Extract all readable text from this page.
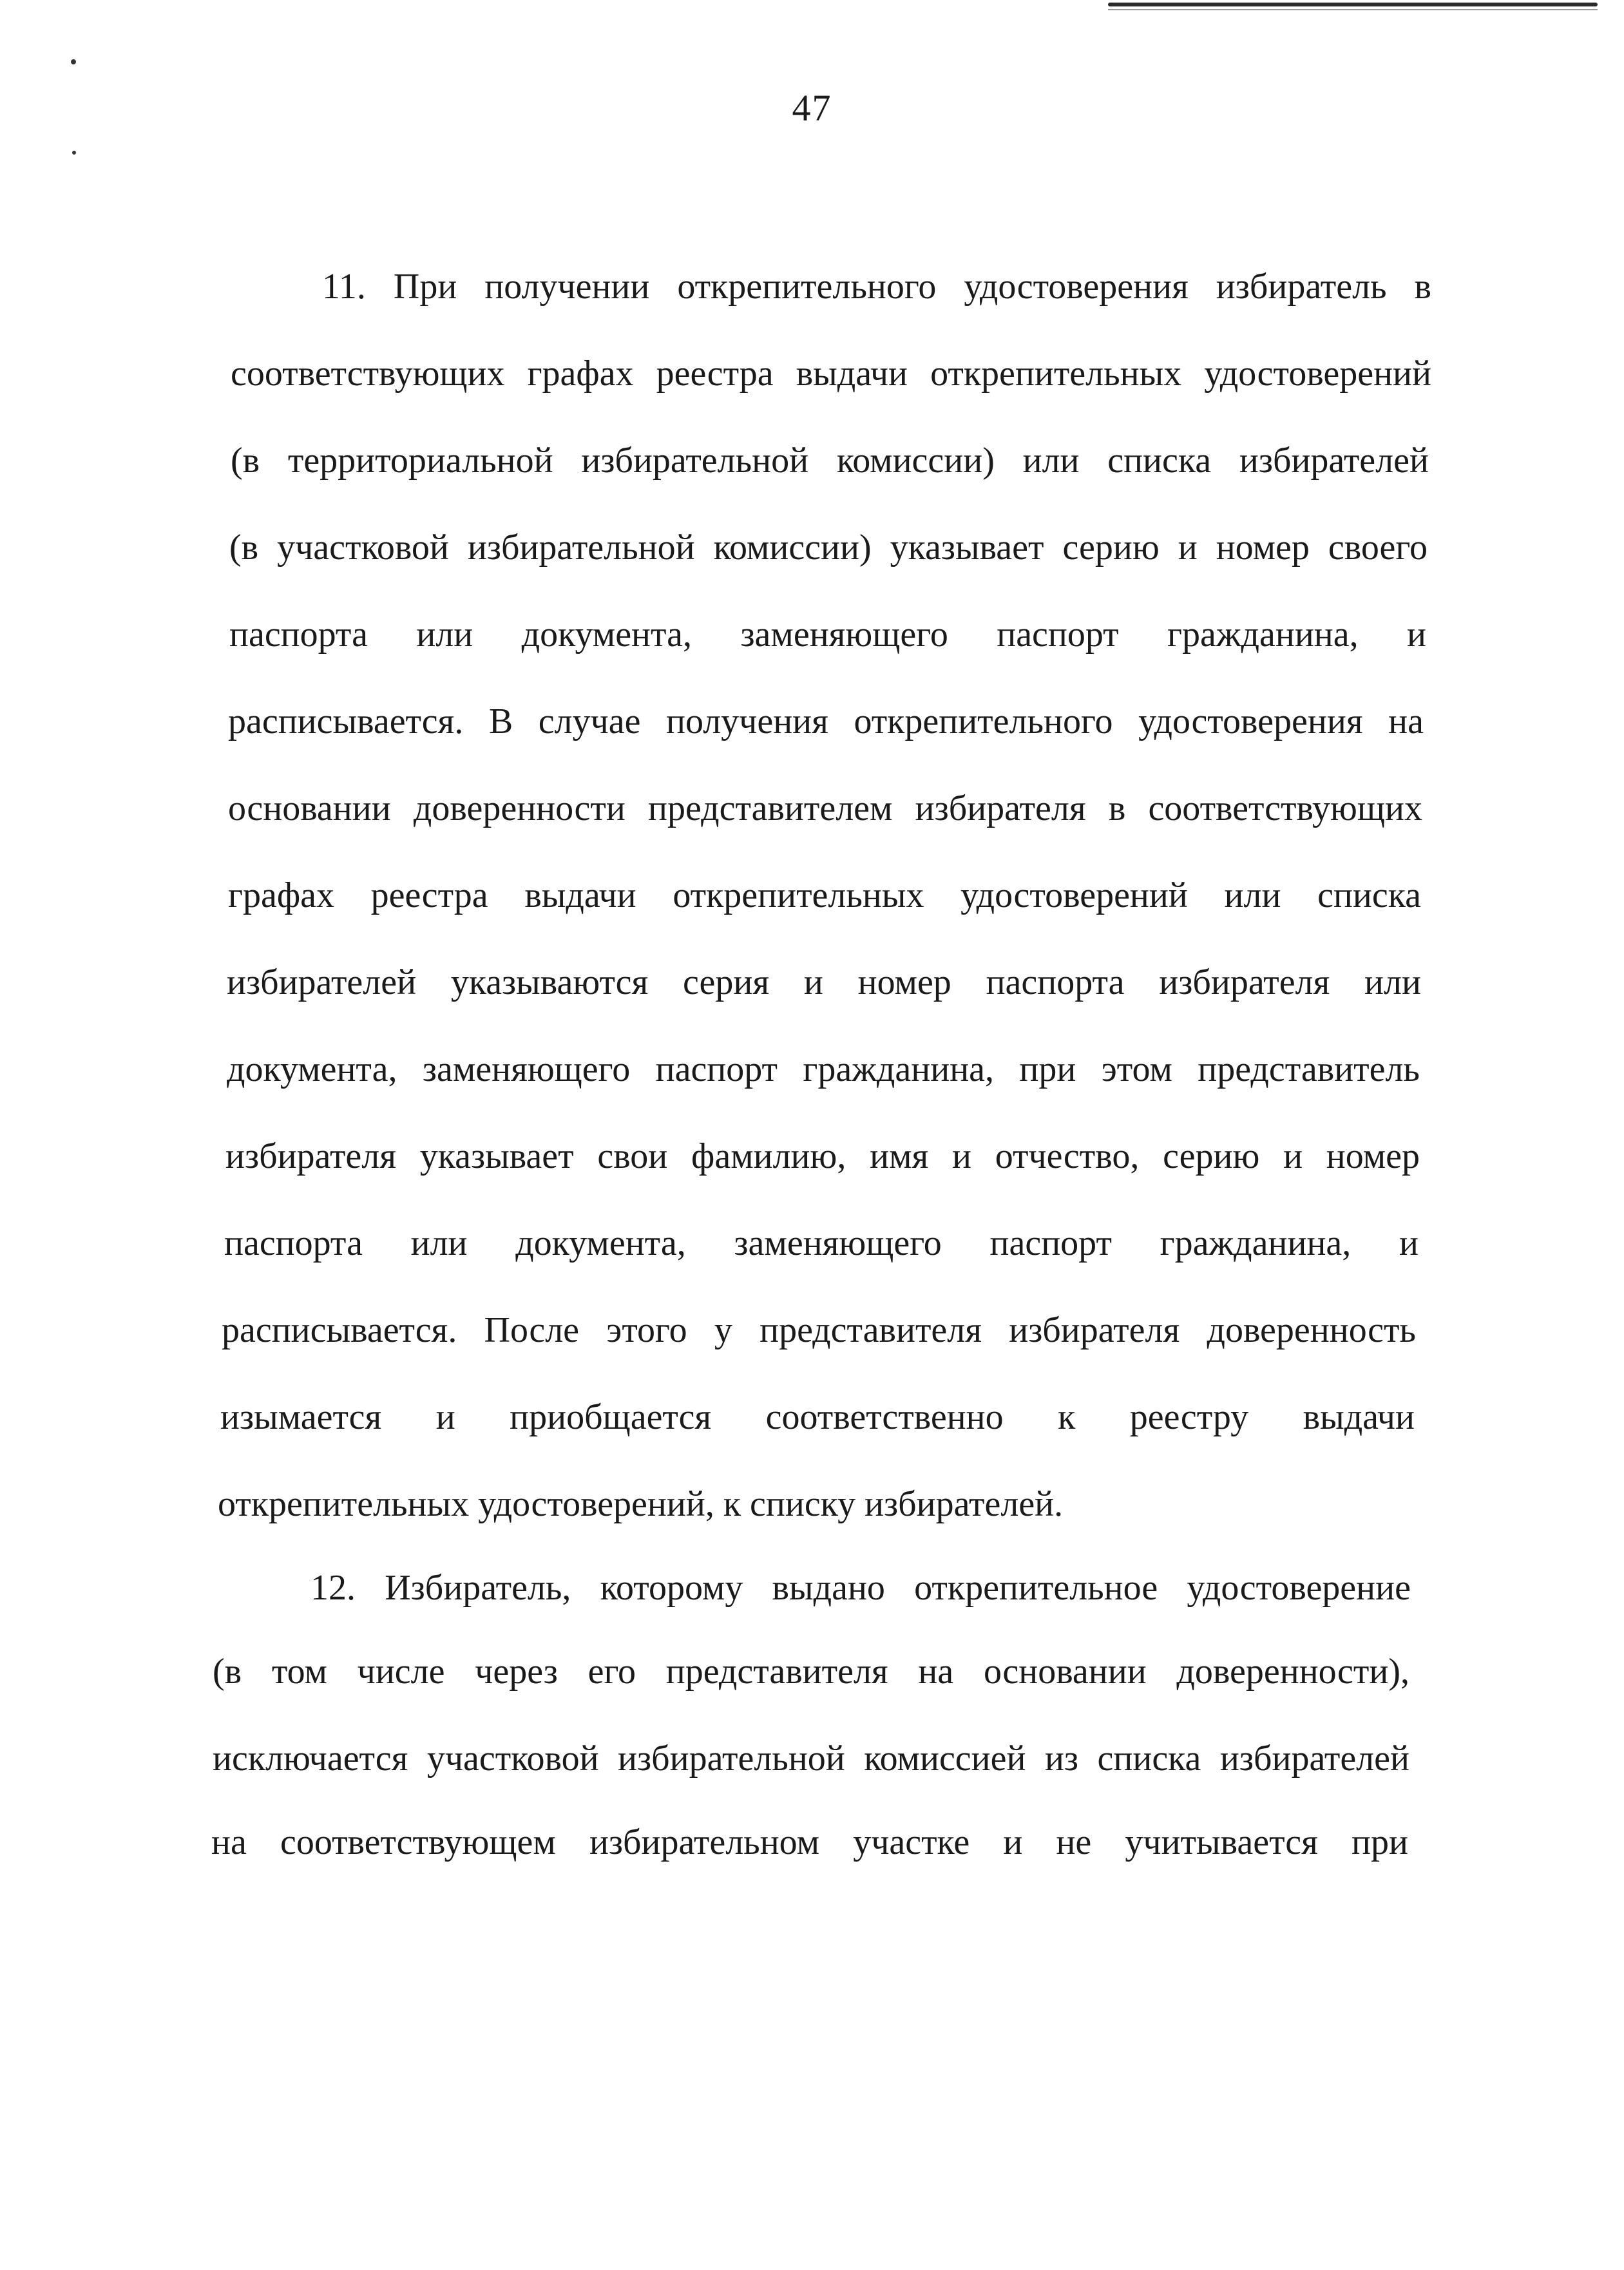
47
11. При получении открепительного удостоверения избиратель в
соответствующих графах реестра выдачи открепительных удостоверений
(в территориальной избирательной комиссии) или списка избирателей
(в участковой избирательной комиссии) указывает серию и номер своего
паспорта или документа, заменяющего паспорт гражданина, и
расписывается. В случае получения открепительного удостоверения на
основании доверенности представителем избирателя в соответствующих
графах реестра выдачи открепительных удостоверений или списка
избирателей указываются серия и номер паспорта избирателя или
документа, заменяющего паспорт гражданина, при этом представитель
избирателя указывает свои фамилию, имя и отчество, серию и номер
паспорта или документа, заменяющего паспорт гражданина, и
расписывается. После этого у представителя избирателя доверенность
изымается и приобщается соответственно к реестру выдачи
открепительных удостоверений, к списку избирателей.
12. Избиратель, которому выдано открепительное удостоверение
(в том числе через его представителя на основании доверенности),
исключается участковой избирательной комиссией из списка избирателей
на соответствующем избирательном участке и не учитывается при
